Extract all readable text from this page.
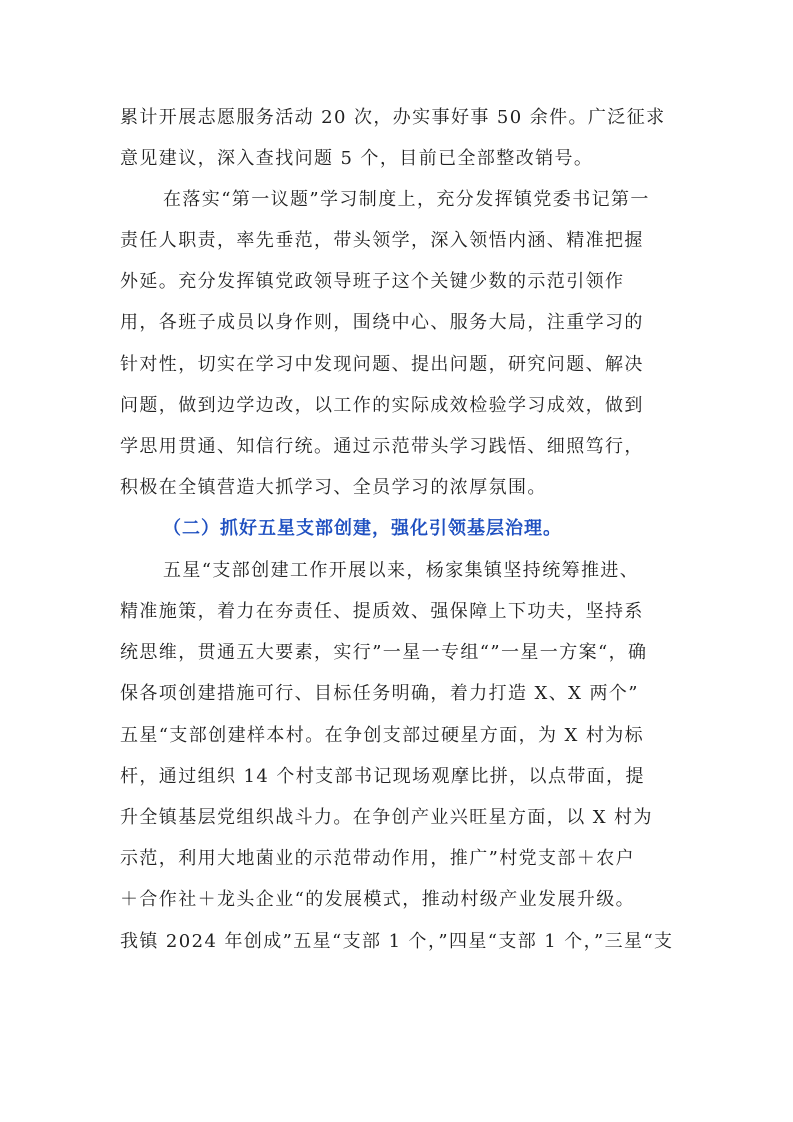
累计开展志愿服务活动 20 次，办实事好事 50 余件。广泛征求
意见建议，深入查找问题 5 个，目前已全部整改销号。
在落实“第一议题”学习制度上，充分发挥镇党委书记第一
责任人职责，率先垂范，带头领学，深入领悟内涵、精准把握
外延。充分发挥镇党政领导班子这个关键少数的示范引领作
用，各班子成员以身作则，围绕中心、服务大局，注重学习的
针对性，切实在学习中发现问题、提出问题，研究问题、解决
问题，做到边学边改，以工作的实际成效检验学习成效，做到
学思用贯通、知信行统。通过示范带头学习践悟、细照笃行，
积极在全镇营造大抓学习、全员学习的浓厚氛围。
（二）抓好五星支部创建，强化引领基层治理。
五星“支部创建工作开展以来，杨家集镇坚持统筹推进、
精准施策，着力在夯责任、提质效、强保障上下功夫，坚持系
统思维，贯通五大要素，实行”一星一专组“”一星一方案“，确
保各项创建措施可行、目标任务明确，着力打造 X、X 两个”
五星“支部创建样本村。在争创支部过硬星方面，为 X 村为标
杆，通过组织 14 个村支部书记现场观摩比拼，以点带面，提
升全镇基层党组织战斗力。在争创产业兴旺星方面，以 X 村为
示范，利用大地菌业的示范带动作用，推广”村党支部＋农户
＋合作社＋龙头企业“的发展模式，推动村级产业发展升级。
我镇 2024 年创成”五星“支部 1 个，”四星“支部 1 个，”三星“支
